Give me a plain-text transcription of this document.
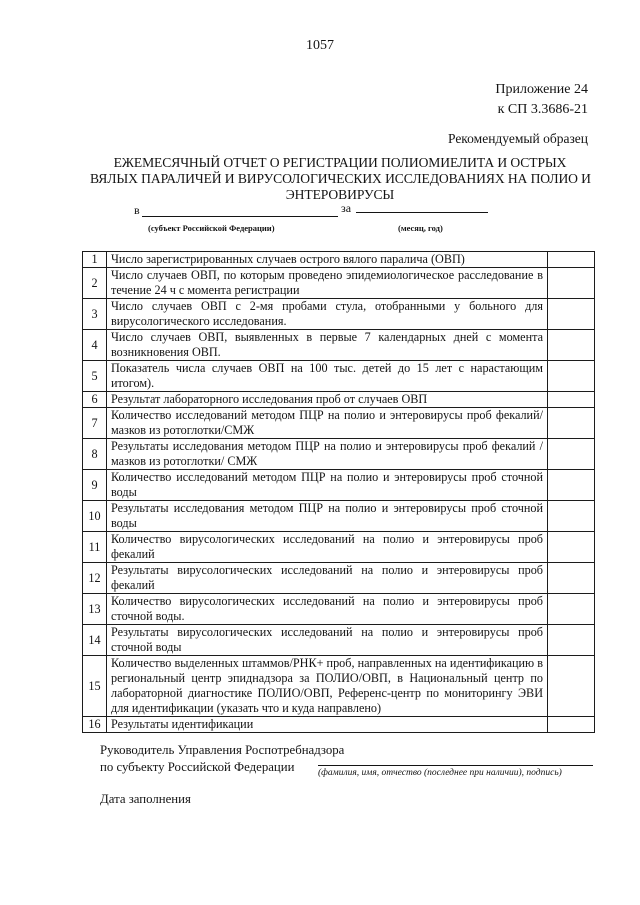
1057
Приложение 24
к СП 3.3686-21
Рекомендуемый образец
ЕЖЕМЕСЯЧНЫЙ ОТЧЕТ О РЕГИСТРАЦИИ ПОЛИОМИЕЛИТА И ОСТРЫХ
ВЯЛЫХ ПАРАЛИЧЕЙ И ВИРУСОЛОГИЧЕСКИХ ИССЛЕДОВАНИЯХ НА ПОЛИО И
ЭНТЕРОВИРУСЫ
в	за
(субъект Российской Федерации)	(месяц, год)
1	Число зарегистрированных случаев острого вялого паралича (ОВП)	
2	Число случаев ОВП, по которым проведено эпидемиологическое расследование в течение 24 ч с момента регистрации	
3	Число случаев ОВП с 2-мя пробами стула, отобранными у больного для вирусологического исследования.	
4	Число случаев ОВП, выявленных в первые 7 календарных дней с момента возникновения ОВП.	
5	Показатель числа случаев ОВП на 100 тыс. детей до 15 лет с нарастающим итогом).	
6	Результат лабораторного исследования проб от случаев ОВП	
7	Количество исследований методом ПЦР на полио и энтеровирусы проб фекалий/ мазков из ротоглотки/СМЖ	
8	Результаты исследования методом ПЦР на полио и энтеровирусы проб фекалий / мазков из ротоглотки/ СМЖ	
9	Количество исследований методом ПЦР на полио и энтеровирусы проб сточной воды	
10	Результаты исследования методом ПЦР на полио и энтеровирусы проб сточной воды	
11	Количество вирусологических исследований на полио и энтеровирусы проб фекалий	
12	Результаты вирусологических исследований на полио и энтеровирусы проб фекалий	
13	Количество вирусологических исследований на полио и энтеровирусы проб сточной воды.	
14	Результаты вирусологических исследований на полио и энтеровирусы проб сточной воды	
15	Количество выделенных штаммов/РНК+ проб, направленных на идентификацию в региональный центр эпиднадзора за ПОЛИО/ОВП, в Национальный центр по лабораторной диагностике ПОЛИО/ОВП, Референс-центр по мониторингу ЭВИ для идентификации (указать что и куда направлено)	
16	Результаты идентификации	
Руководитель Управления Роспотребнадзора
по субъекту Российской Федерации	(фамилия, имя, отчество (последнее при наличии), подпись)
Дата заполнения
